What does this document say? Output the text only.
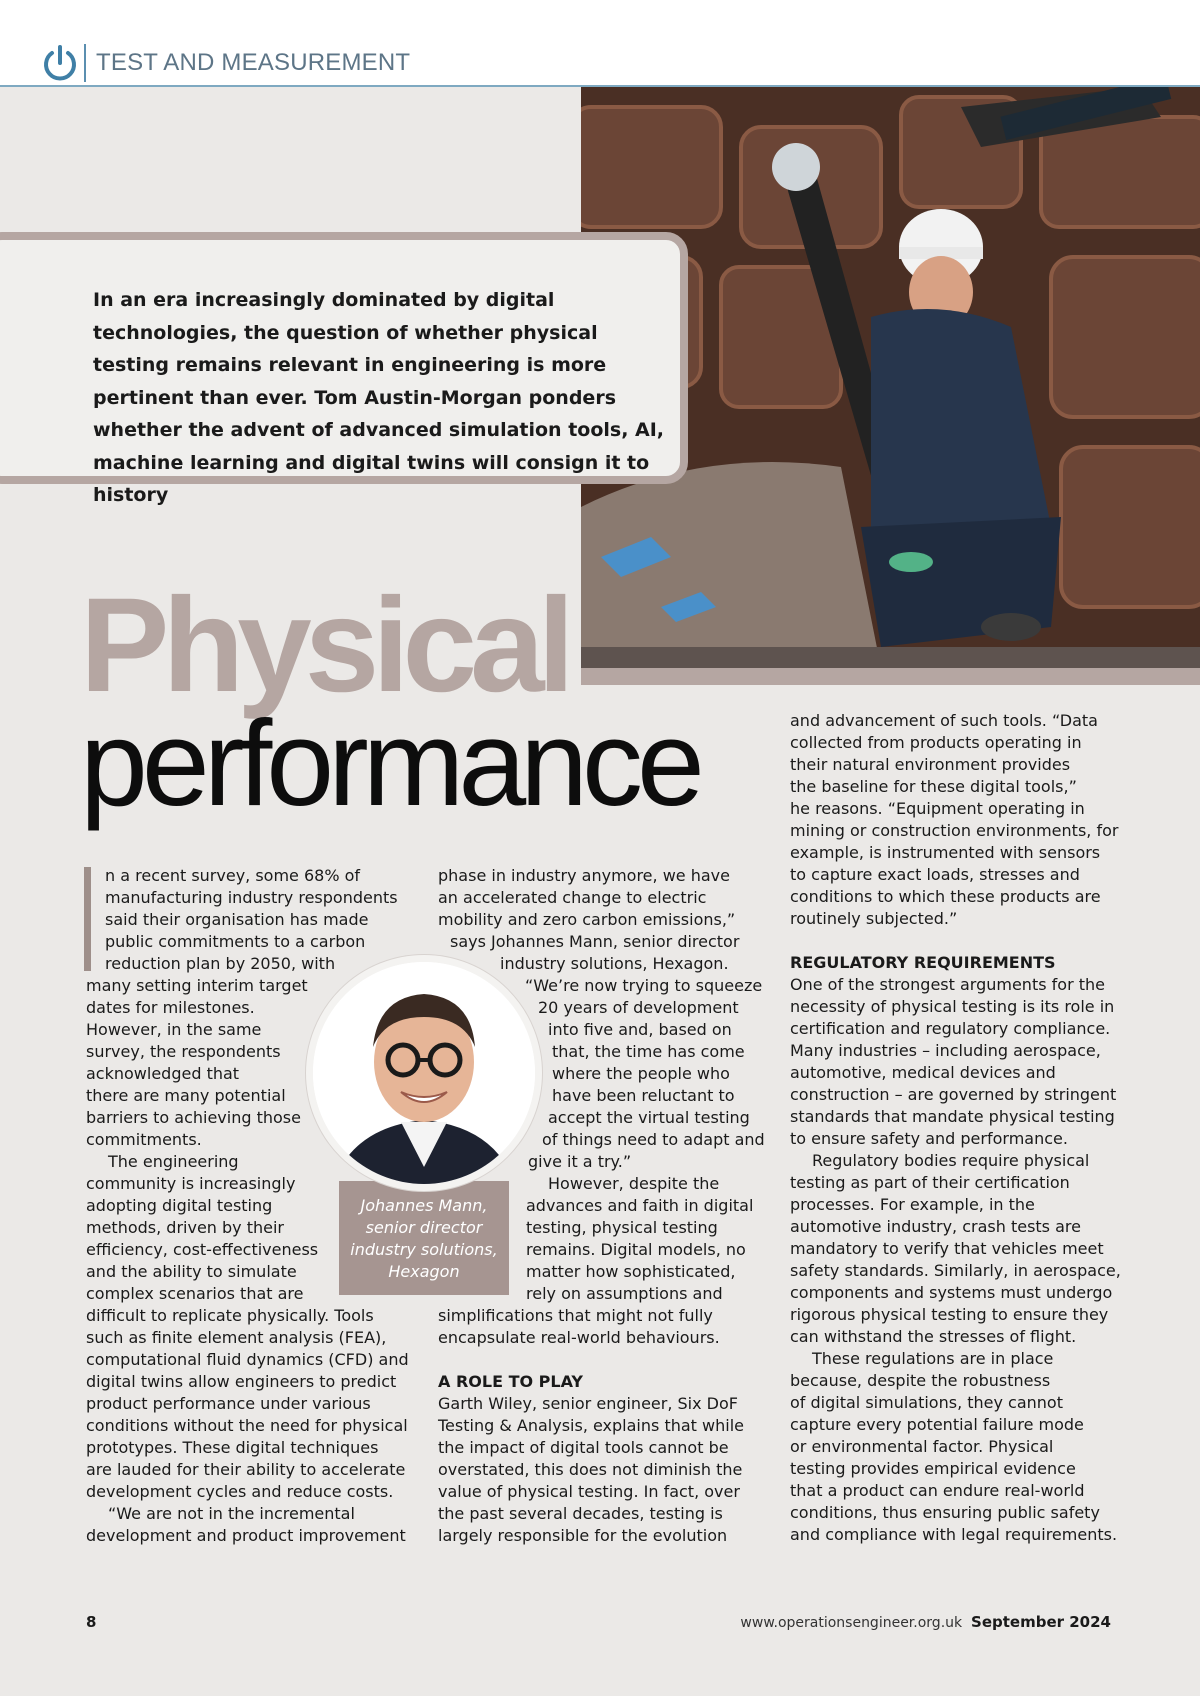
TEST AND MEASUREMENT

In an era increasingly dominated by digital technologies, the question of whether physical testing remains relevant in engineering is more pertinent than ever. Tom Austin-Morgan ponders whether the advent of advanced simulation tools, AI, machine learning and digital twins will consign it to history

Physical
performance
n a recent survey, some 68% of
manufacturing industry respondents
said their organisation has made
public commitments to a carbon
reduction plan by 2050, with
many setting interim target
dates for milestones.
However, in the same
survey, the respondents
acknowledged that
there are many potential
barriers to achieving those
commitments.
The engineering
community is increasingly
adopting digital testing
methods, driven by their
efficiency, cost-effectiveness
and the ability to simulate
complex scenarios that are
difficult to replicate physically. Tools
such as finite element analysis (FEA),
computational fluid dynamics (CFD) and
digital twins allow engineers to predict
product performance under various
conditions without the need for physical
prototypes. These digital techniques
are lauded for their ability to accelerate
development cycles and reduce costs.
“We are not in the incremental
development and product improvement

Johannes Mann,
senior director
industry solutions,
Hexagon

phase in industry anymore, we have
an accelerated change to electric
mobility and zero carbon emissions,”
says Johannes Mann, senior director
industry solutions, Hexagon.
“We’re now trying to squeeze
20 years of development
into five and, based on
that, the time has come
where the people who
have been reluctant to
accept the virtual testing
of things need to adapt and
give it a try.”
However, despite the
advances and faith in digital
testing, physical testing
remains. Digital models, no
matter how sophisticated,
rely on assumptions and
simplifications that might not fully
encapsulate real-world behaviours.

A ROLE TO PLAY
Garth Wiley, senior engineer, Six DoF
Testing & Analysis, explains that while
the impact of digital tools cannot be
overstated, this does not diminish the
value of physical testing. In fact, over
the past several decades, testing is
largely responsible for the evolution
and advancement of such tools. “Data
collected from products operating in
their natural environment provides
the baseline for these digital tools,”
he reasons. “Equipment operating in
mining or construction environments, for
example, is instrumented with sensors
to capture exact loads, stresses and
conditions to which these products are
routinely subjected.”

REGULATORY REQUIREMENTS
One of the strongest arguments for the
necessity of physical testing is its role in
certification and regulatory compliance.
Many industries – including aerospace,
automotive, medical devices and
construction – are governed by stringent
standards that mandate physical testing
to ensure safety and performance.
Regulatory bodies require physical
testing as part of their certification
processes. For example, in the
automotive industry, crash tests are
mandatory to verify that vehicles meet
safety standards. Similarly, in aerospace,
components and systems must undergo
rigorous physical testing to ensure they
can withstand the stresses of flight.
These regulations are in place
because, despite the robustness
of digital simulations, they cannot
capture every potential failure mode
or environmental factor. Physical
testing provides empirical evidence
that a product can endure real-world
conditions, thus ensuring public safety
and compliance with legal requirements.
8	www.operationsengineer.org.uk September 2024
